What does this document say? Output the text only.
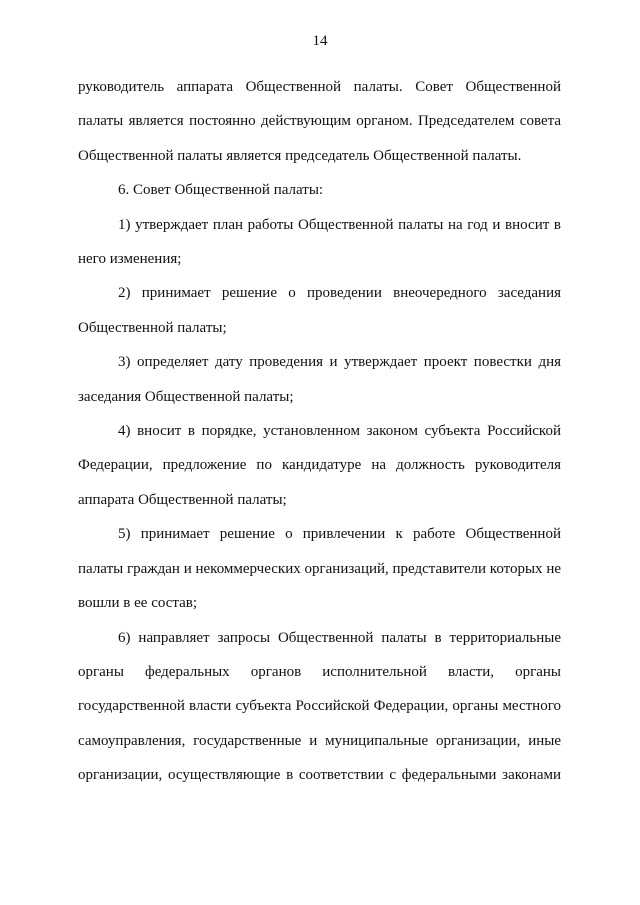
14

руководитель аппарата Общественной палаты. Совет Общественной палаты является постоянно действующим органом. Председателем совета Общественной палаты является председатель Общественной палаты.

6. Совет Общественной палаты:

1) утверждает план работы Общественной палаты на год и вносит в него изменения;

2) принимает решение о проведении внеочередного заседания Общественной палаты;

3) определяет дату проведения и утверждает проект повестки дня заседания Общественной палаты;

4) вносит в порядке, установленном законом субъекта Российской Федерации, предложение по кандидатуре на должность руководителя аппарата Общественной палаты;

5) принимает решение о привлечении к работе Общественной палаты граждан и некоммерческих организаций, представители которых не вошли в ее состав;

6) направляет запросы Общественной палаты в территориальные органы федеральных органов исполнительной власти, органы государственной власти субъекта Российской Федерации, органы местного самоуправления, государственные и муниципальные организации, иные организации, осуществляющие в соответствии с федеральными законами
